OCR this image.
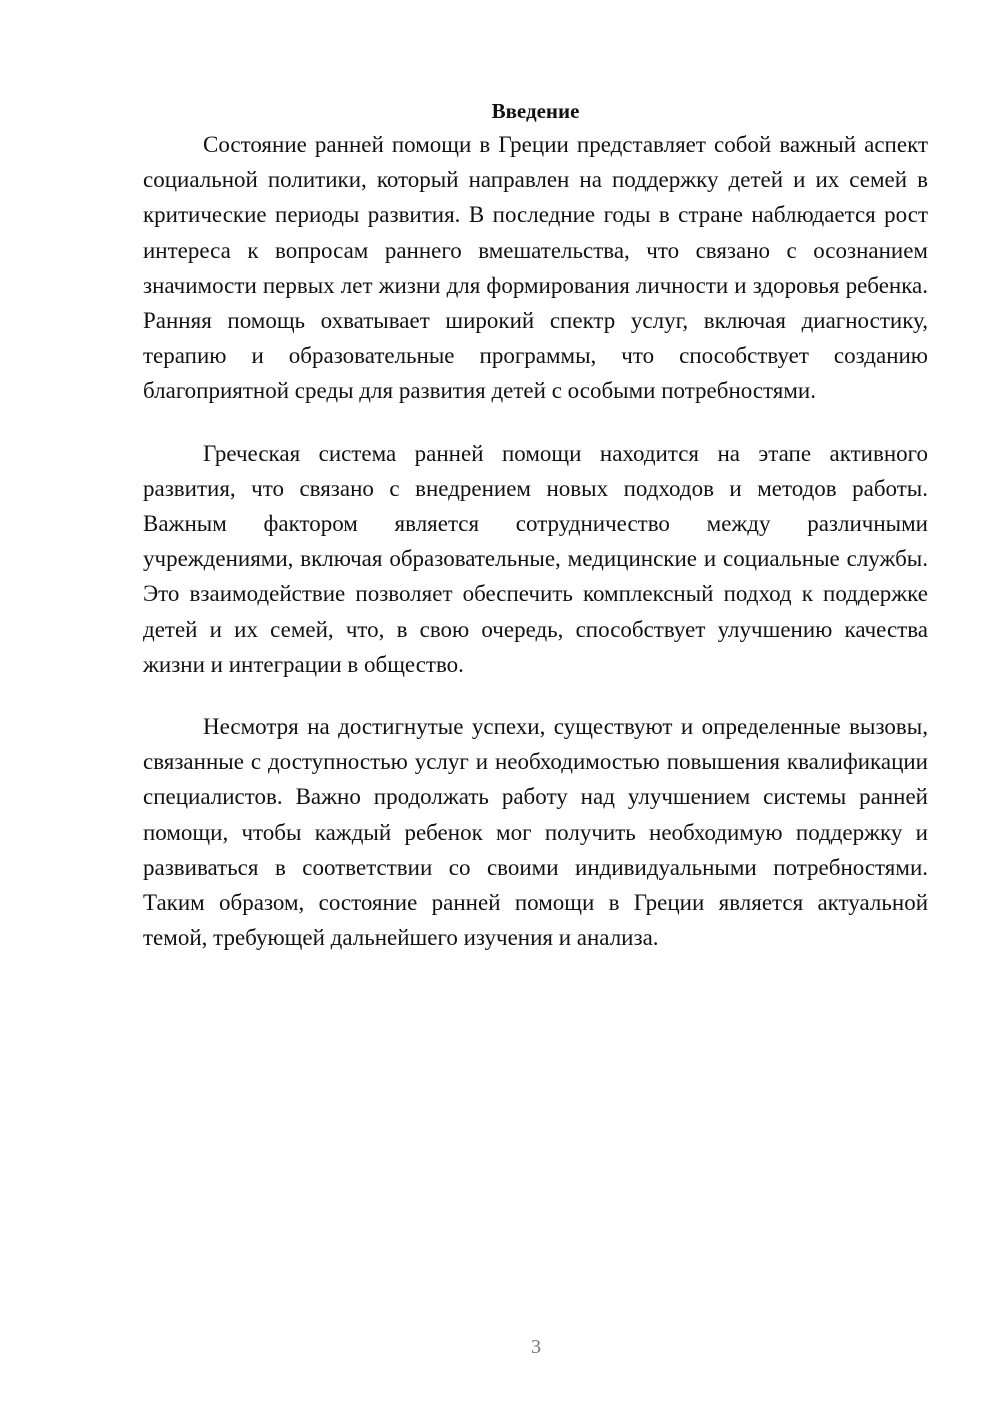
Введение

Состояние ранней помощи в Греции представляет собой важный аспект социальной политики, который направлен на поддержку детей и их семей в критические периоды развития. В последние годы в стране наблюдается рост интереса к вопросам раннего вмешательства, что связано с осознанием значимости первых лет жизни для формирования личности и здоровья ребенка. Ранняя помощь охватывает широкий спектр услуг, включая диагностику, терапию и образовательные программы, что способствует созданию благоприятной среды для развития детей с особыми потребностями.

Греческая система ранней помощи находится на этапе активного развития, что связано с внедрением новых подходов и методов работы. Важным фактором является сотрудничество между различными учреждениями, включая образовательные, медицинские и социальные службы. Это взаимодействие позволяет обеспечить комплексный подход к поддержке детей и их семей, что, в свою очередь, способствует улучшению качества жизни и интеграции в общество.

Несмотря на достигнутые успехи, существуют и определенные вызовы, связанные с доступностью услуг и необходимостью повышения квалификации специалистов. Важно продолжать работу над улучшением системы ранней помощи, чтобы каждый ребенок мог получить необходимую поддержку и развиваться в соответствии со своими индивидуальными потребностями. Таким образом, состояние ранней помощи в Греции является актуальной темой, требующей дальнейшего изучения и анализа.

3
